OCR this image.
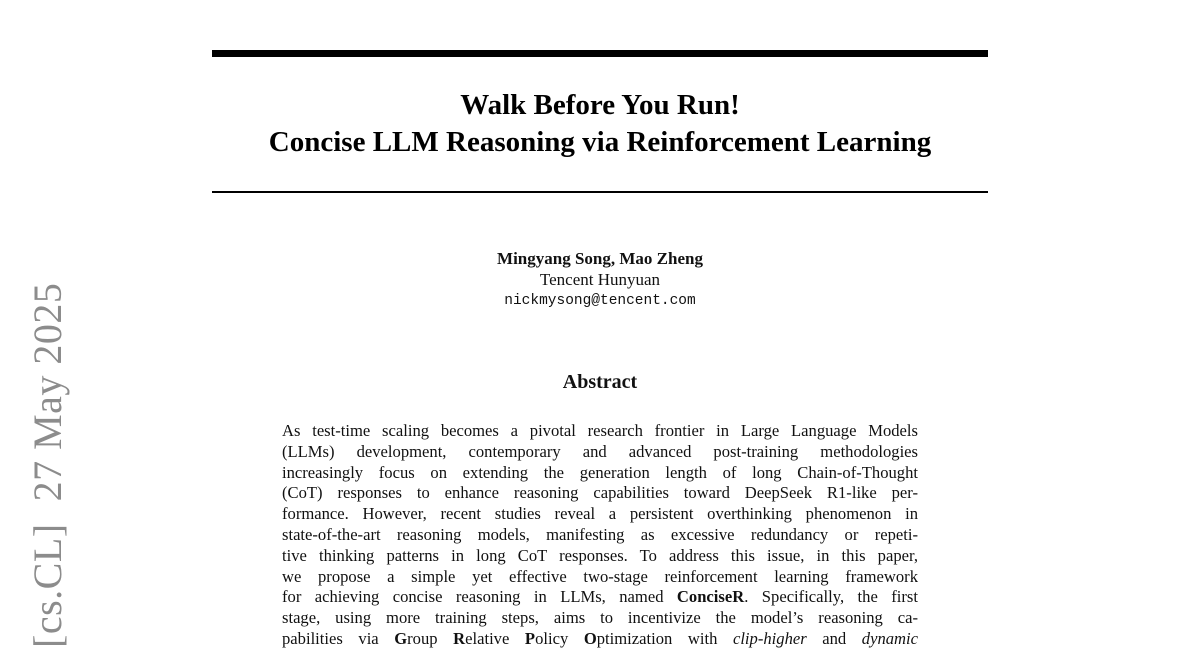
Walk Before You Run!
Concise LLM Reasoning via Reinforcement Learning
Mingyang Song, Mao Zheng
Tencent Hunyuan
nickmysong@tencent.com
Abstract
As test-time scaling becomes a pivotal research frontier in Large Language Models
(LLMs) development, contemporary and advanced post-training methodologies
increasingly focus on extending the generation length of long Chain-of-Thought
(CoT) responses to enhance reasoning capabilities toward DeepSeek R1-like per-
formance. However, recent studies reveal a persistent overthinking phenomenon in
state-of-the-art reasoning models, manifesting as excessive redundancy or repeti-
tive thinking patterns in long CoT responses. To address this issue, in this paper,
we propose a simple yet effective two-stage reinforcement learning framework
for achieving concise reasoning in LLMs, named ConciseR. Specifically, the first
stage, using more training steps, aims to incentivize the model’s reasoning ca-
pabilities via Group Relative Policy Optimization with clip-higher and dynamic
[cs.CL]27 May 2025
